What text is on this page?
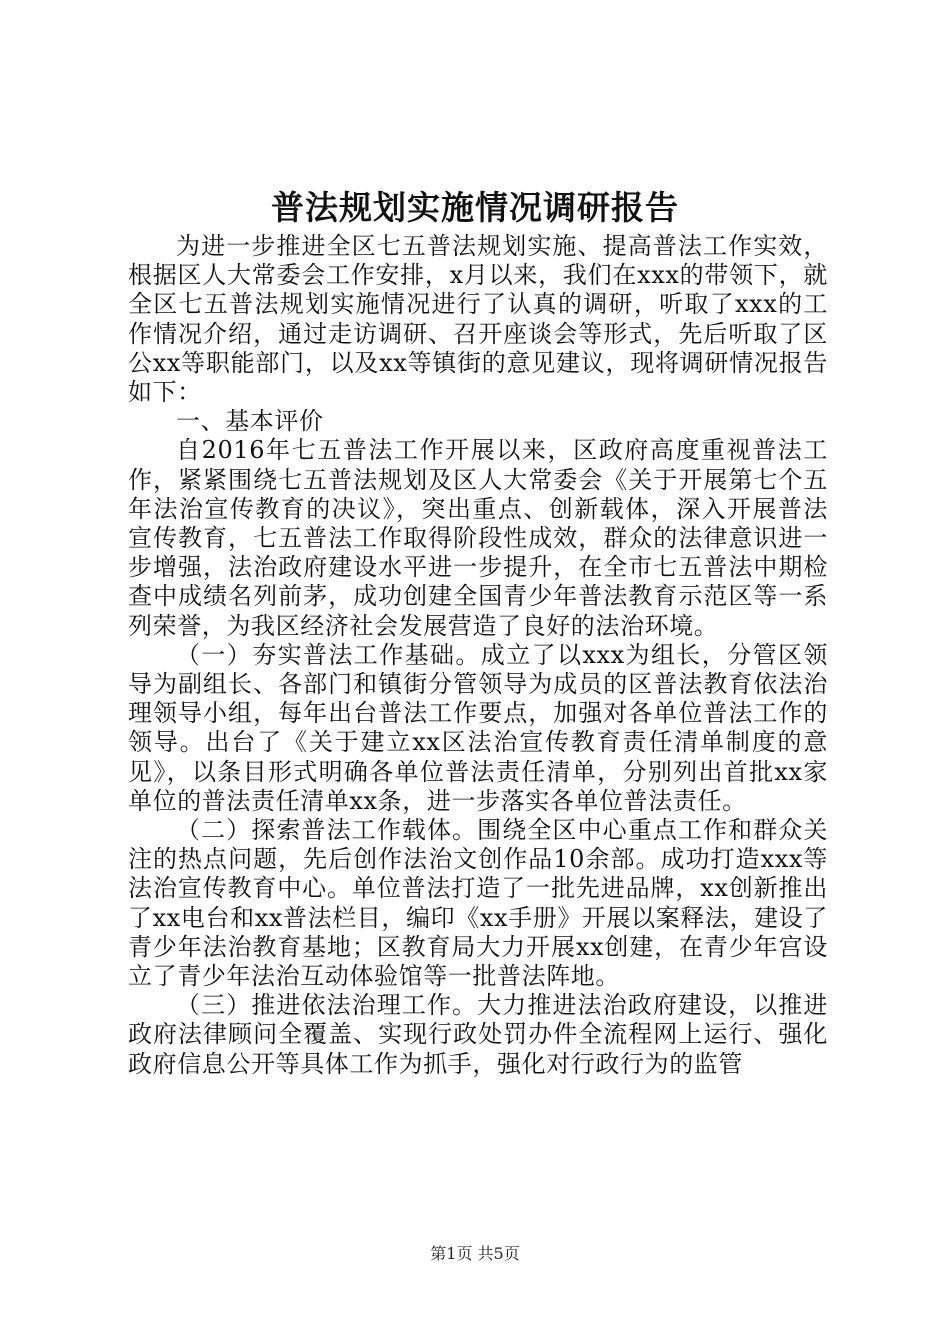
普法规划实施情况调研报告

为进一步推进全区七五普法规划实施、提高普法工作实效，根据区人大常委会工作安排，x月以来，我们在xxx的带领下，就全区七五普法规划实施情况进行了认真的调研，听取了xxx的工作情况介绍，通过走访调研、召开座谈会等形式，先后听取了区公xx等职能部门，以及xx等镇街的意见建议，现将调研情况报告如下：

一、基本评价

自2016年七五普法工作开展以来，区政府高度重视普法工作，紧紧围绕七五普法规划及区人大常委会《关于开展第七个五年法治宣传教育的决议》，突出重点、创新载体，深入开展普法宣传教育，七五普法工作取得阶段性成效，群众的法律意识进一步增强，法治政府建设水平进一步提升，在全市七五普法中期检查中成绩名列前茅，成功创建全国青少年普法教育示范区等一系列荣誉，为我区经济社会发展营造了良好的法治环境。

（一）夯实普法工作基础。成立了以xxx为组长，分管区领导为副组长、各部门和镇街分管领导为成员的区普法教育依法治理领导小组，每年出台普法工作要点，加强对各单位普法工作的领导。出台了《关于建立xx区法治宣传教育责任清单制度的意见》，以条目形式明确各单位普法责任清单，分别列出首批xx家单位的普法责任清单xx条，进一步落实各单位普法责任。

（二）探索普法工作载体。围绕全区中心重点工作和群众关注的热点问题，先后创作法治文创作品10余部。成功打造xxx等法治宣传教育中心。单位普法打造了一批先进品牌，xx创新推出了xx电台和xx普法栏目，编印《xx手册》开展以案释法，建设了青少年法治教育基地；区教育局大力开展xx创建，在青少年宫设立了青少年法治互动体验馆等一批普法阵地。

（三）推进依法治理工作。大力推进法治政府建设，以推进政府法律顾问全覆盖、实现行政处罚办件全流程网上运行、强化政府信息公开等具体工作为抓手，强化对行政行为的监管

第1页 共5页
